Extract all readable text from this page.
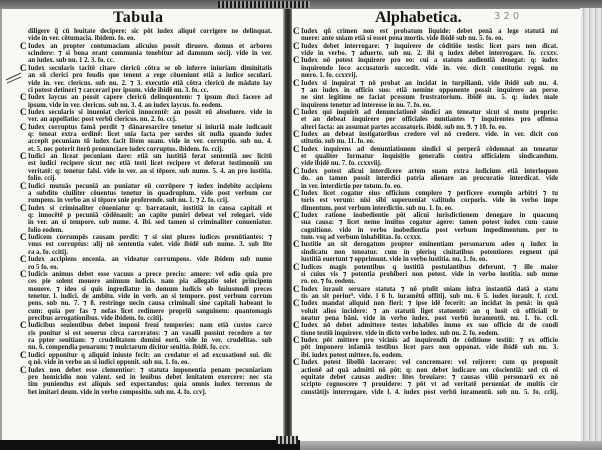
Tabula
diligere q̃ cū leuitate decipere: sic pōt iudex aliquē corrigere ne delinquat.
vide in ver. cōtumacia. ibidem. fo. eo.
C Iudex an propter contumaciam alicuius possit diruere. domus et arbores
scindere: ⁊ si bona erant communia tenebitur ad damnum socij. vide in ver.
an iudex. sub nu. 1 2. 3. fo. cc.
C Iudex secularis tacitē citare clericū cōtra se ob inferre iniuriam diminitatis
an sū clerici pro feudis que tenent a rege cōueniunt etiā a iudice seculari.
vide in. ver. clericus. sub nu. 2. ⁊ 3. executio etiā cōtra clericū de mādato lay
ci potest detineri ⁊ carcerari per ipsum. vide ibidē nu. 3. fo. cc.
C Iudex laycus an possit capere clericū delinquentem: ⁊ ipsum duci facere ad
ipsum. vide in ver. clericus. sub nu. 3. 4. an iudex laycus. fo. eodem.
C Iudex secularis si inueniat clericū innocentē: an possit eū absoluere. vide in
ver. an appellatio: post verbū clericus. nu. 2. fo. ccj.
C Iudex corruptus famā perdit ⁊ dānaresarcire tenetur si iniuriā male iudicauit
q: teneat extra ordinē: licet snia facta per sordes sit nulla quando iudex
accepit pecuniam tū iudex facit litem suam. vide in ver. corruptio. sub nu. 4.
et. 5. nec poterit iterū pronunciare iudex corruptus. ibidem. fo. ccij.
C Iudici an liceat pecuniam dare: etiā sm iustitiā ferat sententiā nec licitū
est iudici recipere sicut nec etiā testi licet recipere vt deferat testimoniū sm
veritatē: q: tenetur falsi. vide in ver. an si tēpore. sub nume. 5. 4. an pro iustitia.
folio. ccij.
C Iudici mutuās pecuniā an puniatur eū corrūpere ⁊ iudex indebite accipiens
a subdito ciuiliter cōuentus tenetur in quadruplum. vide post verbum cor
rumpens. in verbo an si tēpore snie proferende. sub nu. 1. ⁊ 2. fo. ccij.
C Iudex si criminaliter cōueniatur q: barratauit, iustitiā in causa capitali et
q: innocētē p pecuniā cōdēnauit: an capite puniri debeat vel relegari. vide
in ver. an si tempore. sub nume. 4. ibi. sed tamen si criminaliter conueniatur.
folio eodem.
C Iudicem corrumpēs causam perdit: ⁊ si sint plures iudices pronūtiantes: ⁊
vnus est corruptus: alij nō sententia valet. vide ibidē sub nume. 3. sub lite
ra a. fo. ccitij.
C Iudex accipiens encenia. an videatur corrumpens. vide ibidem sub nume
ro 5 fo. eo.
C Iudicis animus debet esse vacuus a prece precio: amore: vel odio quia pre
ces pie solent mouere animum iudicis. nam pia allegatio solet principem
mouere. ⁊ ideo si quis ingrediatur in domum iudicis ob huiusmodi preces
tenetur. l. iudici. de ambitu. vide in verb. an si tempore. post verbum corrum
pens. sub nu. 7. ⁊ 8. restringe necin causa criminali sine capitali habeant lo
cum: quia per fas ⁊ nefas licet redimere propriū sanguinem: quantomagis
precibus arrogationibus. vide ibidem. fo. ccitij.
C Iudicibus seuientibus debet imponi freni temperies: nam etiā custos carce
ris ponitur si est seuerus circa carceratos: ⁊ an vasalli possint recedere a ter
ra ppter seuitiam: ⁊ crudelitatem domini eorū. vide in ver. crudelitas. sub
nu. 6. compendia penarum: ⁊ mulctarum dicitur seuitia. ibidē. fo. ccv.
C Iudici opponitur q aliquid iniuste fecit: an credatur ei ad excusationē sui. dic
q nō. vide in verbo an si iudici opponit. sub nu. 1. fo. eo.
C Iudex non debet esse clementior: ⁊ statuta imponentia penam pecuniariam
pro homicidio non valent. sed in leuibus debet lenitatem exercere: nec sta
tim puniendus est aliquis sed expectandus: quia omnis iudex terrenus de
bet imitari deum. vide in verbo compositio. sub nu. 4. fo. ccvj.
Alphabetica.	320
C Iudex qñ crimen non est probatum liquide: debet penā a lege statutā mi
nuere: ante sniam etiā si esset pena mortis. vide ibidē sub nu. 5. fo. eo.
C Iudex debet interrogare: ⁊ inquirere de cōditiōe testis: licet pars non dicat.
vide in verbo. ⁊ aduerte. sub nu. 2. ibi q iudex debet interrogare. fo. ccxxv.
C Iudex nō potest inquirere pro eo: cui a statuto audientiā denegat: q: iudex
inquirendo loco accusatoris succedit. vide in. ver. dicit constitutio regni. nu
mero. 1. fo. ccxxvij.
C Iudex si inquirat ⁊ nō probat an incidat in turpilianū. vide ibidē sub nu. 4.
⁊ an iudex in officio suo: etiā nemine opponente possit inquirere an perso
ne sint legitime ne faciat pcessum frustratorium. ibidē nu. 5. q: iudex male
inquirens tenetur ad interesse in nu. 7. fo. eo.
C Iudex qui inquirit ad denunciationē sindici an teneatur sicut si motu proprio:
et an debeat inquirere per officiales nuntiantes ⁊ inquirentes pro offensa
alteri facta: an assumat partes accusatoris. ibidē. sub nu. 9. ⁊ 10. fo. eo.
C Iudex an debeat instigatoribus credere vel nō credere. vide. in ver. dicit con
stitutio. sub nu. 11. fo. eo.
C Iudex inquirens ad denuntiationem sindici si perperā cōdemnat an teneatur
et qualiter formatur inquisitio generalis contra officialem sindicandum.
vide ibidē nu. 7. fo. ccxxviij.
C Iudex potest alicui interdicere artem suam extra iudicium etiā interloquen
do. an tamen possit interdici patria alienare an procuratio interdicat. vide
in ver. interdictio per totum. fo. eo.
C Iudex licet cogatur eius officium complere ⁊ perficere exemplo arbitri ⁊ tu
toris est verum: nisi sibi superueniat valitudo corporis. vide in verbo impe
dimentum. post verbum interdictio. sub nu. 1. fo. eo.
C Iudex ratione inobedientie pōt alicui iurisdictionem denegare in quacunq
sua causa: ⁊ licet nemo inuitus cogatur agere: tamen potest iudex cum cause
cognitione. vide in verbo inobedientia post verbum impedimentum. per to
tum. vsq ad verbum inhabilitas. fo. ccxxx.
C Iustitie an sit derogatum propter eminentiam personarum adeo q iudex in
sindicatu non teneatur. cum in plerisq ciuitatibus potentiores regnent qui
iustitiā euertunt ⁊ opprimunt. vide in verbo iustitia. nu. 1. fo. eo.
C Iudices magis potentibus q iustitiā postulantibus deferunt. ⁊ ille maior
si cuius vis ⁊ potentia prohiberi non potest. vide in verbo iustitia. sub nume
ro. eo. ⁊ fo. eodem.
C Iudex iurauit seruare statuta ⁊ nō ptulit sniam infra instantiā datā a statu
tis an sit periur⁹. vide. l 6 b. iuramētū offitij. sub nu. 6 5. iudex iurauit. f. ccxl.
C Iudex mandat aliquid non fieri: ⁊ ipse idē fecerit: an incidat in penā: in quā
voluit alios incidere: ⁊ an statutū liget statuentē: an q lusit cū officiali te
neatur pena bāni. vide in verbo iudex. post verbū iuramentū. nu. 1. fo. ccli.
C Iudex nō debet admittere testes inhabiles immo ex suo officio dz de condi
tione testiū inquirere. vide in dicto verbo iudex. sub nu. 2. fo. eodem.
C Iudex pōt mittere pro vicinis ad inquirendū de cōditione testiū: ⁊ ex officio
pōt imponere infamiā testibus licet pars non opponat. vide ibidē sub nu. 3.
ibi. iudex potest mittere. fo. eodem.
C Iudex potest libellū lacerare: vel concremare: vel reijcere: cum qs proponit
actionē ad quā admitti nō pōt: q: non debet iudicare sm cōscientiā: sed cū oī
equitate debet causas audire: lites breuiare: ⁊ causas viliū personarū ex nō
scripto cognoscere ⁊ prouidere: ⁊ pōt vt ad veritatē perueniat de multis cir
cunstātijs interrogare. vide l. 4. iudex post verbū iuramentū. sub nu. 5. fo. cclij.
